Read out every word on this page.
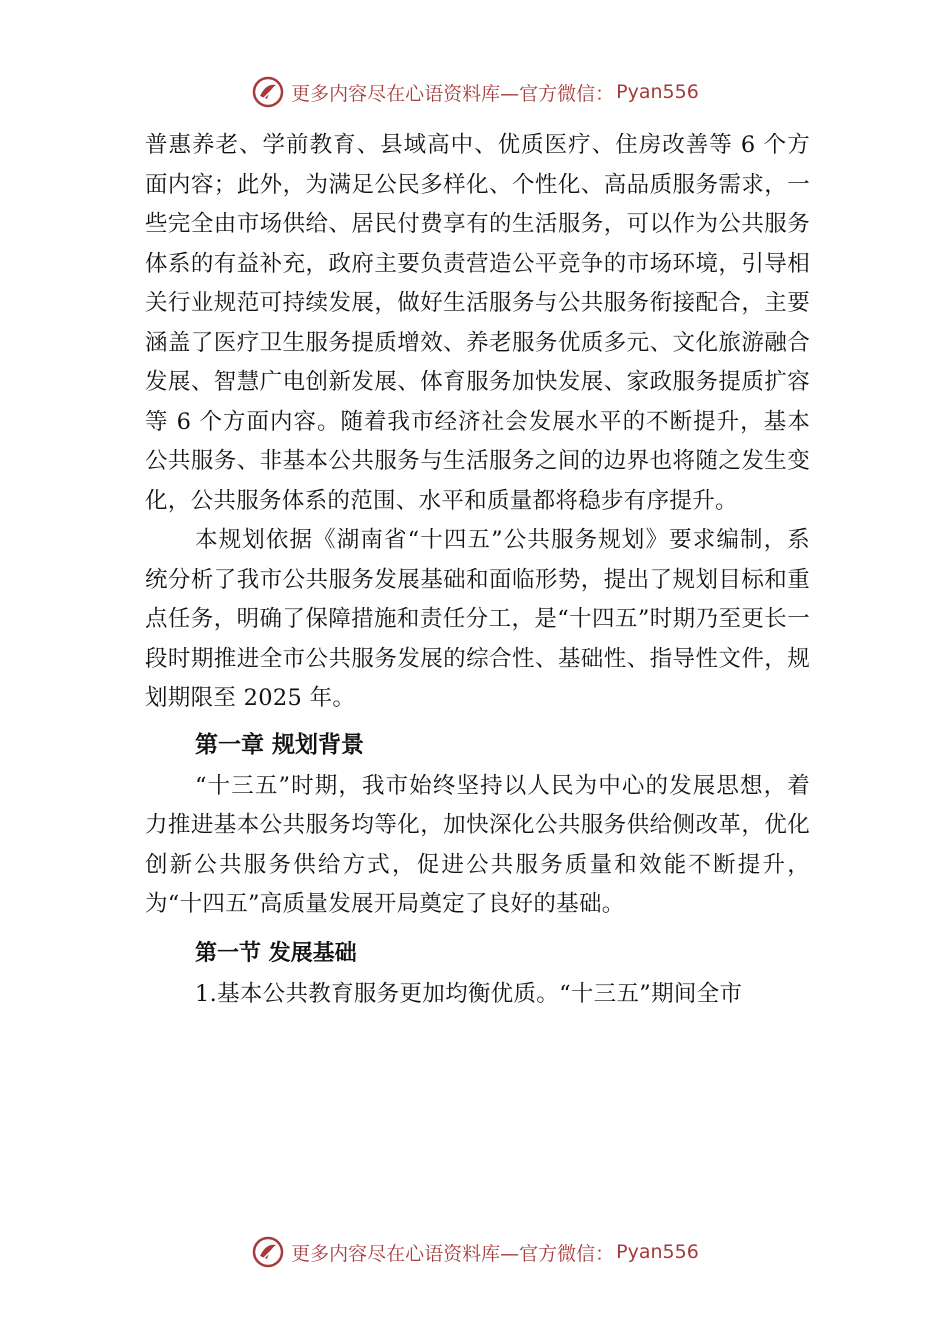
更多内容尽在心语资料库—官方微信： Pyan556

普惠养老、学前教育、县域高中、优质医疗、住房改善等 6 个方面内容；此外，为满足公民多样化、个性化、高品质服务需求，一些完全由市场供给、居民付费享有的生活服务，可以作为公共服务体系的有益补充，政府主要负责营造公平竞争的市场环境，引导相关行业规范可持续发展，做好生活服务与公共服务衔接配合，主要涵盖了医疗卫生服务提质增效、养老服务优质多元、文化旅游融合发展、智慧广电创新发展、体育服务加快发展、家政服务提质扩容等 6 个方面内容。随着我市经济社会发展水平的不断提升，基本公共服务、非基本公共服务与生活服务之间的边界也将随之发生变化，公共服务体系的范围、水平和质量都将稳步有序提升。

本规划依据《湖南省“十四五”公共服务规划》要求编制，系统分析了我市公共服务发展基础和面临形势，提出了规划目标和重点任务，明确了保障措施和责任分工，是“十四五”时期乃至更长一段时期推进全市公共服务发展的综合性、基础性、指导性文件，规划期限至 2025 年。

第一章 规划背景

“十三五”时期，我市始终坚持以人民为中心的发展思想，着力推进基本公共服务均等化，加快深化公共服务供给侧改革，优化创新公共服务供给方式，促进公共服务质量和效能不断提升，为“十四五”高质量发展开局奠定了良好的基础。

第一节 发展基础

1.基本公共教育服务更加均衡优质。“十三五”期间全市

更多内容尽在心语资料库—官方微信： Pyan556
